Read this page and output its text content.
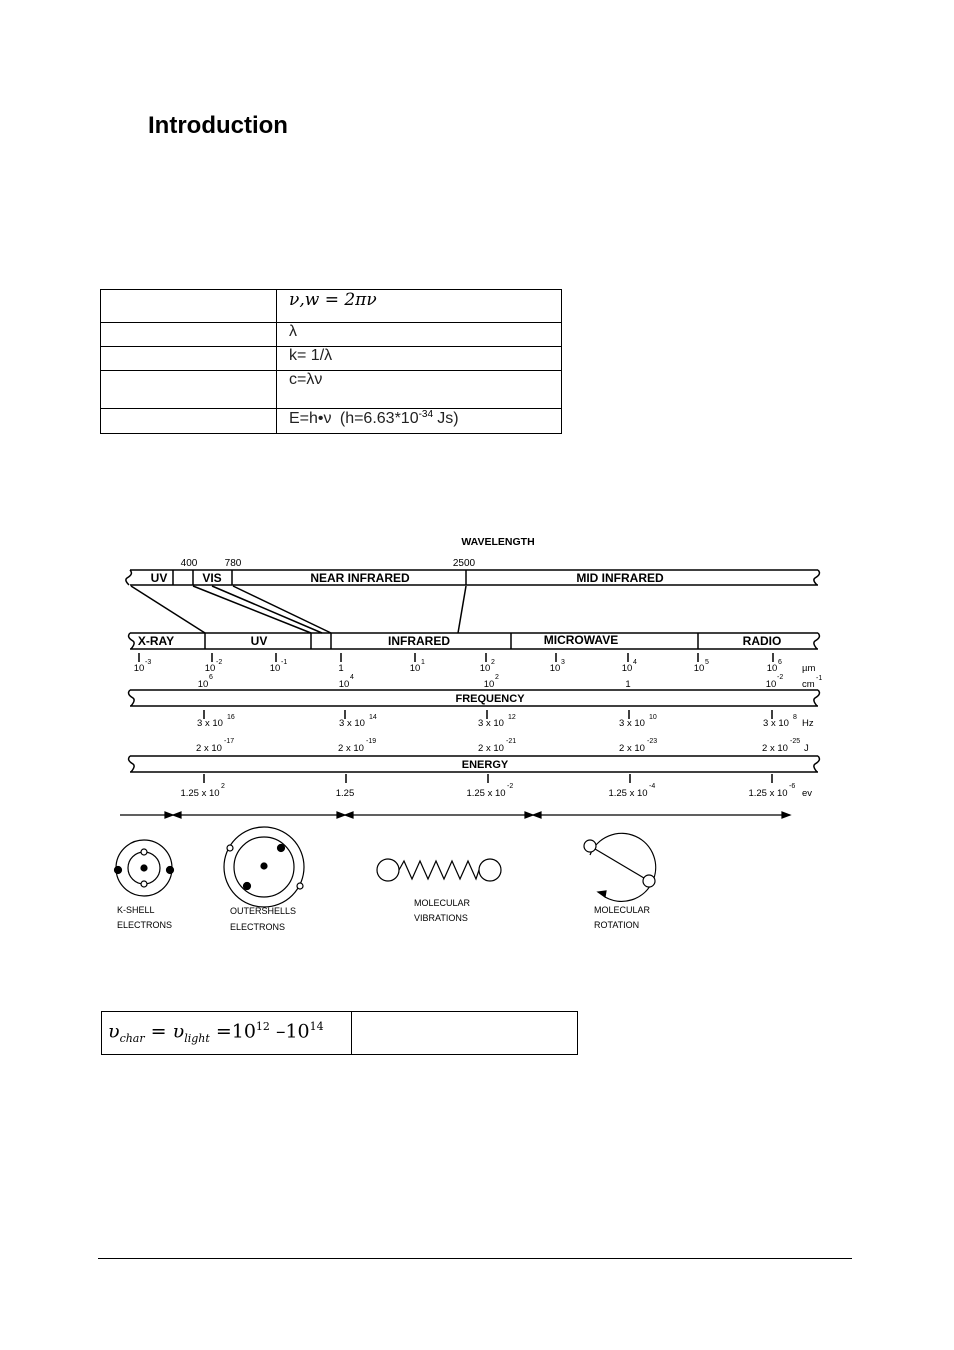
Introduction
	ν,w = 2πν
	λ
	k= 1/λ
	c=λν
	E=h•ν ($h=6.63*10^{-34}$ Js)
WAVELENGTH
400	780	2500
UV	VIS	NEAR INFRARED	MID INFRARED
X-RAY	UV	INFRARED	MICROWAVE	RADIO
10
-3
10
-2
10
-1
1	10
1
10
2
10
3
10
4
10
5
10
6
µm
10
6
10
4
10
2
1	10
-2
cm
-1
FREQUENCY
3 x 10
16
3 x 10
14
3 x 10
12
3 x 10
10
3 x 10
8
Hz
2 x 10
-17
2 x 10
-19
2 x 10
-21
2 x 10
-23
2 x 10
-25
J
ENERGY
1.25 x 10
2
1.25	1.25 x 10
-2
1.25 x 10
-4
1.25 x 10
-6
ev
K-SHELL
ELECTRONS
OUTERSHELLS
ELECTRONS
MOLECULAR
VIBRATIONS
MOLECULAR
ROTATION
$\upsilon_{char} = \upsilon_{light} =10^{12}$ $-10^{14}$	
